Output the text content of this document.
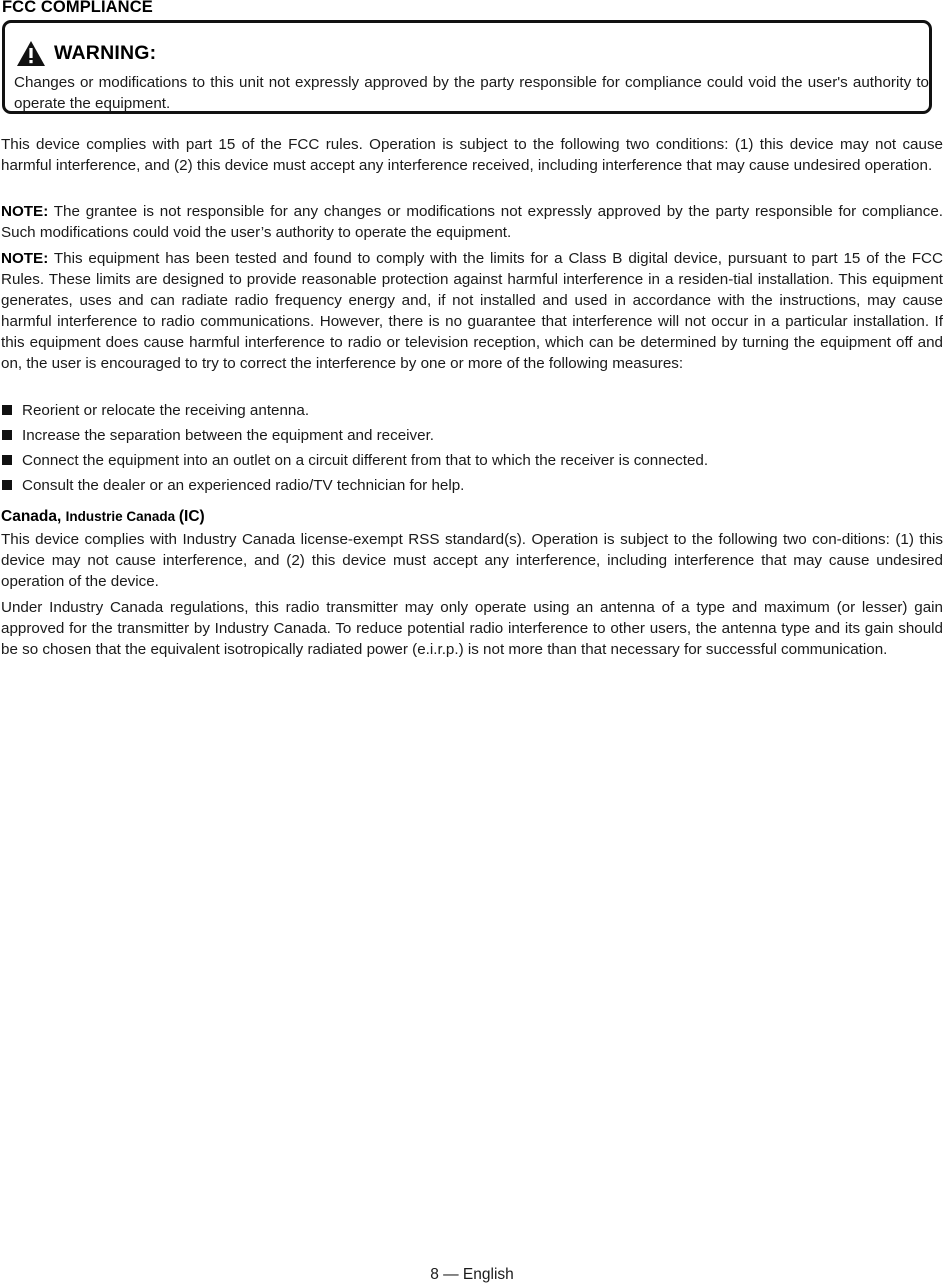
FCC COMPLIANCE
WARNING:

Changes or modifications to this unit not expressly approved by the party responsible for compliance could void the user's authority to operate the equipment.

This device complies with part 15 of the FCC rules. Operation is subject to the following two conditions: (1) this device may not cause harmful interference, and (2) this device must accept any interference received, including interference that may cause undesired operation.

NOTE: The grantee is not responsible for any changes or modifications not expressly approved by the party responsible for compliance. Such modifications could void the user’s authority to operate the equipment.

NOTE: This equipment has been tested and found to comply with the limits for a Class B digital device, pursuant to part 15 of the FCC Rules. These limits are designed to provide reasonable protection against harmful interference in a residen-tial installation. This equipment generates, uses and can radiate radio frequency energy and, if not installed and used in accordance with the instructions, may cause harmful interference to radio communications. However, there is no guarantee that interference will not occur in a particular installation. If this equipment does cause harmful interference to radio or television reception, which can be determined by turning the equipment off and on, the user is encouraged to try to correct the interference by one or more of the following measures:

Reorient or relocate the receiving antenna.
Increase the separation between the equipment and receiver.
Connect the equipment into an outlet on a circuit different from that to which the receiver is connected.
Consult the dealer or an experienced radio/TV technician for help.
Canada, Industrie Canada (IC)

This device complies with Industry Canada license-exempt RSS standard(s). Operation is subject to the following two con-ditions: (1) this device may not cause interference, and (2) this device must accept any interference, including interference that may cause undesired operation of the device.

Under Industry Canada regulations, this radio transmitter may only operate using an antenna of a type and maximum (or lesser) gain approved for the transmitter by Industry Canada. To reduce potential radio interference to other users, the antenna type and its gain should be so chosen that the equivalent isotropically radiated power (e.i.r.p.) is not more than that necessary for successful communication.

8 — English
